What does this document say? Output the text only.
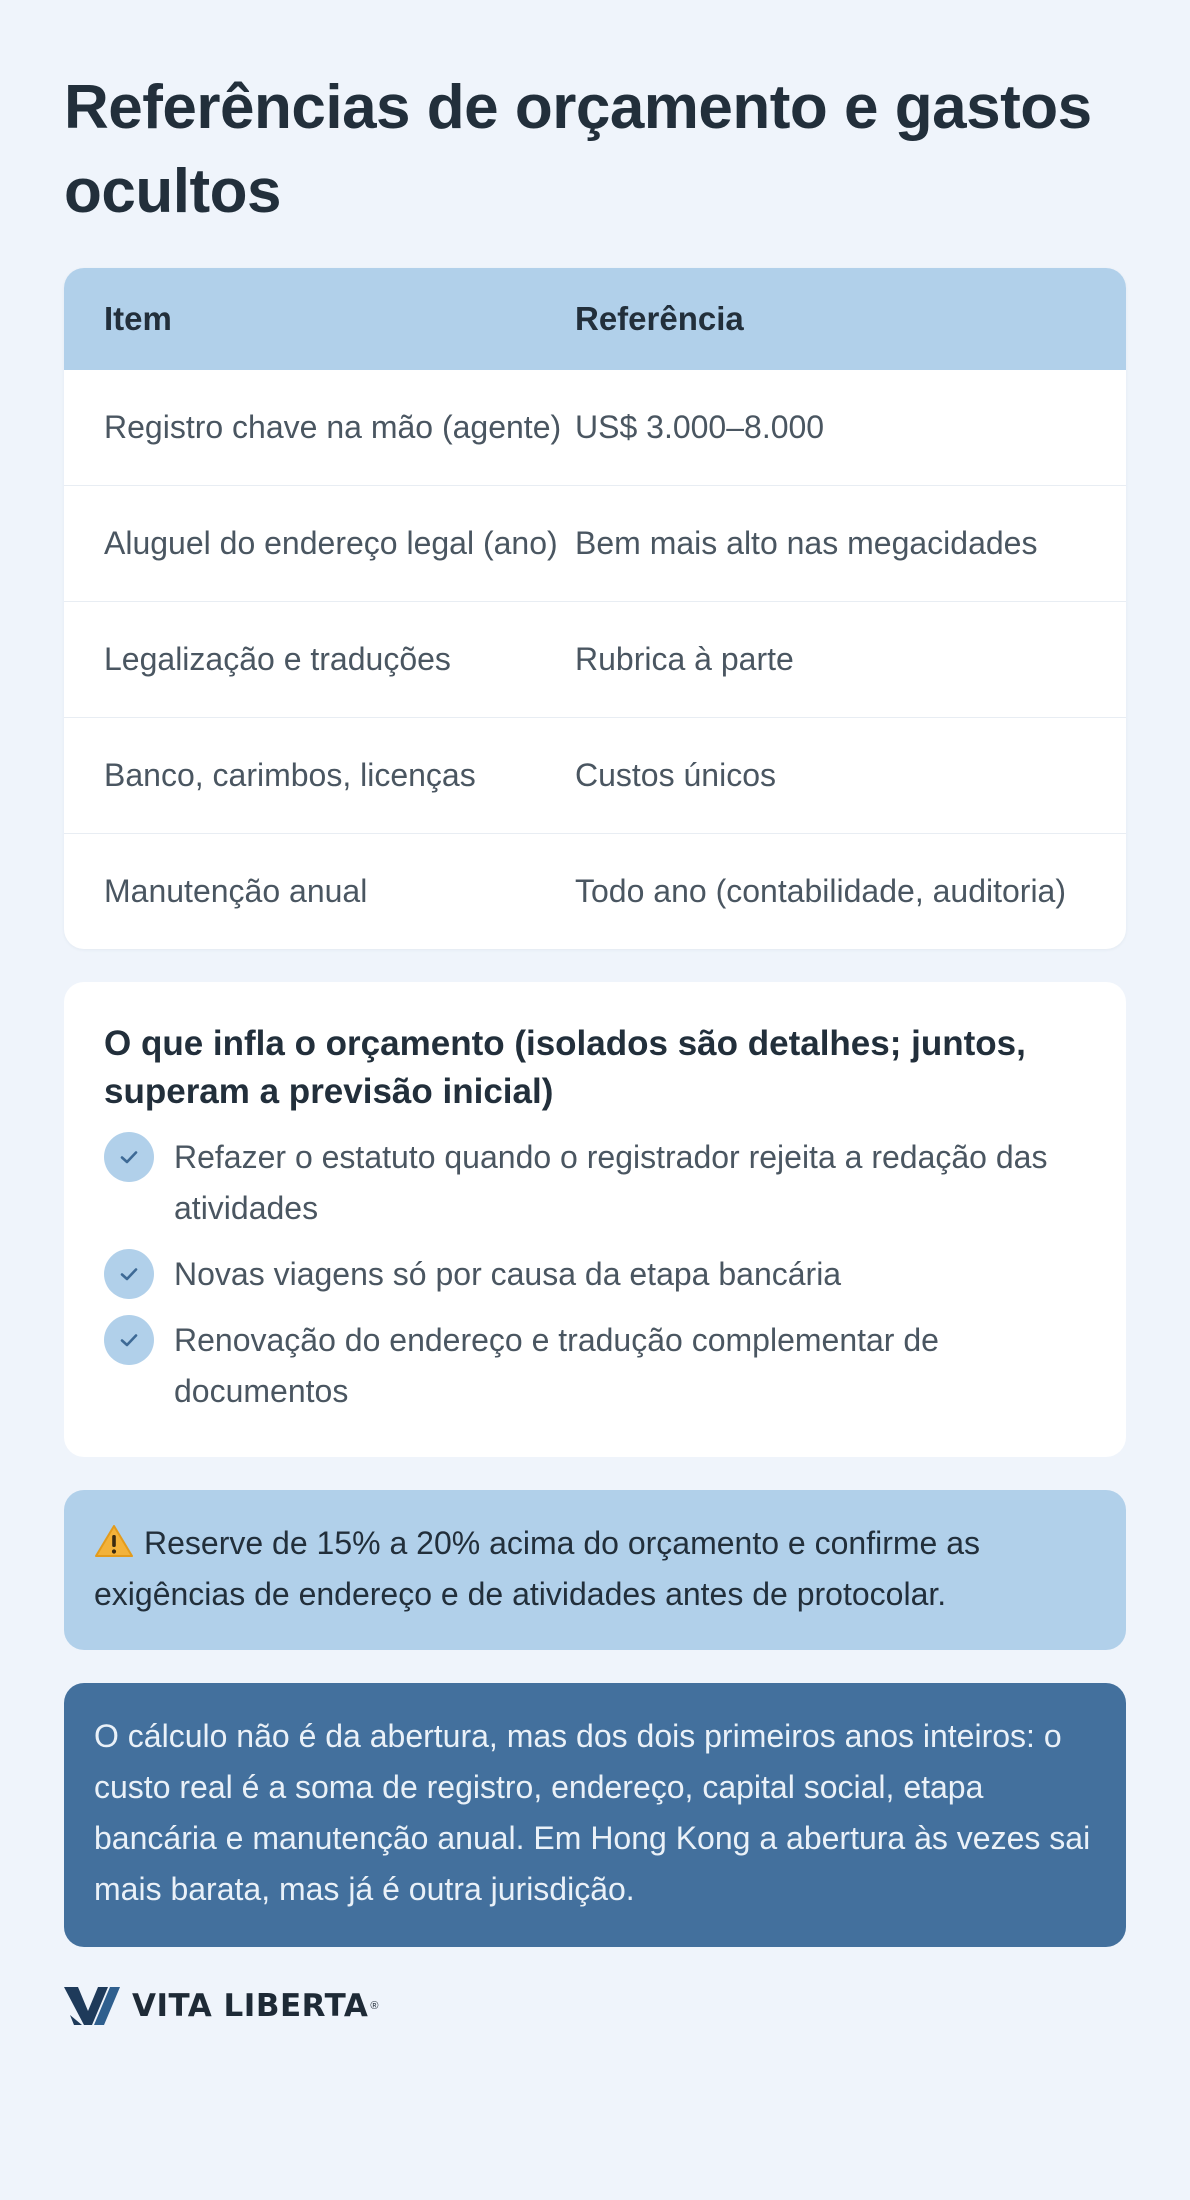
Referências de orçamento e gastos ocultos
Item	Referência
Registro chave na mão (agente) US$ 3.000–8.000
Aluguel do endereço legal (ano) Bem mais alto nas megacidades
Legalização e traduções	Rubrica à parte
Banco, carimbos, licenças	Custos únicos
Manutenção anual	Todo ano (contabilidade, auditoria)
O que infla o orçamento (isolados são detalhes; juntos, superam a previsão inicial)
Refazer o estatuto quando o registrador rejeita a redação das atividades
Novas viagens só por causa da etapa bancária
Renovação do endereço e tradução complementar de documentos

Reserve de 15% a 20% acima do orçamento e confirme as exigências de endereço e de atividades antes de protocolar.

O cálculo não é da abertura, mas dos dois primeiros anos inteiros: o custo real é a soma de registro, endereço, capital social, etapa bancária e manutenção anual. Em Hong Kong a abertura às vezes sai mais barata, mas já é outra jurisdição.

VITA LIBERTA ®
